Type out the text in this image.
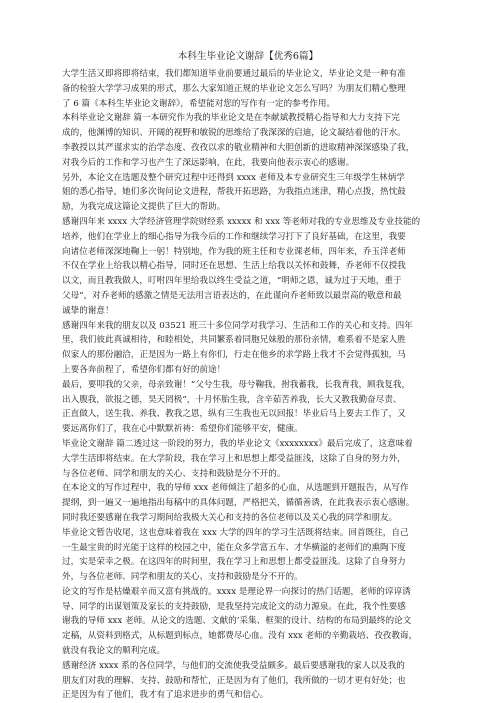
本科生毕业论文谢辞【优秀6篇】
大学生活又即将即将结束，我们都知道毕业前要通过最后的毕业论文，毕业论文是一种有准
备的检验大学学习成果的形式，那么大家知道正规的毕业论文怎么写吗？为朋友们精心整理
了 6 篇《本科生毕业论文谢辞》，希望能对您的写作有一定的参考作用。
本科毕业论文谢辞 篇一本研究作为我的毕业论文是在李献斌教授精心指导和大力支持下完
成的，他渊博的知识、开阔的视野和敏锐的思维给了我深深的启迪，论文凝结着他的汗水。
李教授以其严谨求实的治学态度、孜孜以求的敬业精神和大胆创新的进取精神深深感染了我，
对我今后的工作和学习也产生了深远影响，在此，我要向他表示衷心的感谢。
另外，本论文在选题及整个研究过程中还得到 xxxx 老师及本专业研究生三年级学生林炳学
姐的悉心指导，她们多次询问论文进程，帮我开拓思路，为我指点迷津，精心点拨，热忱鼓
励，为我完成这篇论文提供了巨大的帮助。
感谢四年来 xxxx 大学经济管理学院财经系 xxxxx 和 xxx 等老师对我的专业思维及专业技能的
培养，他们在学业上的细心指导为我今后的工作和继续学习打下了良好基础，在这里，我要
向诸位老师深深地鞠上一躬！特别地，作为我的班主任和专业课老师，四年来，乔玉洋老师
不仅在学业上给我以精心指导，同时还在思想、生活上给我以关怀和鼓舞，乔老师不仅授我
以文，而且教我做人，叮咐四年里给我以终生受益之道，“明师之恩，诚为过于天地，重于
父母”，对乔老师的感激之情是无法用言语表达的，在此谨向乔老师致以最崇高的敬意和最
诚挚的谢意！
感谢四年来我的朋友以及 03521 班三十多位同学对我学习、生活和工作的关心和支持。四年
里，我们彼此真诚相待，和睦相处，共同繁系着同胞兄妹般的那份亲情，难系着不是家人胜
似家人的那份融洽，正是因为一路上有你们，行走在他乡的求学路上我才不会觉得孤独，马
上要各奔前程了，希望你们都有好的前途！
最后，要叩我的父亲，母亲致谢！“父兮生我，母兮鞠我，拊我蓄我，长我育我，顾我复我，
出入腹我，欲报之德，昊天罔极”，十月怀胎生我，含辛茹苦养我，长大又教我勤奋尽责、
正直做人，送生我、养我、教我之恩，纵有三生我也无以回报！毕业后马上要去工作了，又
要远离你们了，我在心中默默祈祷：希望你们能够平安，健康。
毕业论文谢辞 篇二透过这一阶段的努力，我的毕业论文《xxxxxxxx》最后完成了，这意味着
大学生活即将结束。在大学阶段，我在学习上和思想上都受益匪浅，这除了自身的努力外，
与各位老师、同学和朋友的关心、支持和鼓励是分不开的。
在本论文的写作过程中，我的导师 xxx 老师倾注了超多的心血，从选题到开题报告，从写作
提纲，到一遍又一遍地指出每稿中的具体问题，严格把关，循循善诱，在此我表示衷心感谢。
同时我还要感谢在我学习期间给我极大关心和支持的各位老师以及关心我的同学和朋友。
毕业论文暂告收尾，这也意味着我在 xxx 大学的四年的学习生活既将结束。回首既往，自己
一生最宝贵的时光能于这样的校园之中，能在众多学富五车、才华横溢的老师们的熏陶下度
过，实是荣幸之极。在这四年的时间里，我在学习上和思想上都受益匪浅。这除了自身努力
外，与各位老师、同学和朋友的关心、支持和鼓励是分不开的。
论文的写作是枯燥艰辛而又富有挑战的。xxxx 是理论界一向探讨的热门话题，老师的谆谆诱
导、同学的出谋划策及家长的支持鼓励，是我坚持完成论文的动力源泉。在此，我个性要感
谢我的导师 xxx 老师。从论文的选题、文献的’采集、框架的设计、结构的布局到最终的论文
定稿，从资料到格式，从标题到标点，她都费尽心血。没有 xxx 老师的辛勤栽培、孜孜教诲，
就没有我论文的顺利完成。
感谢经济 xxxx 系的各位同学，与他们的交流使我受益颇多。最后要感谢我的家人以及我的
朋友们对我的理解、支持、鼓励和帮忙，正是因为有了他们，我所做的一切才更有好处；也
正是因为有了他们，我才有了追求进步的勇气和信心。
